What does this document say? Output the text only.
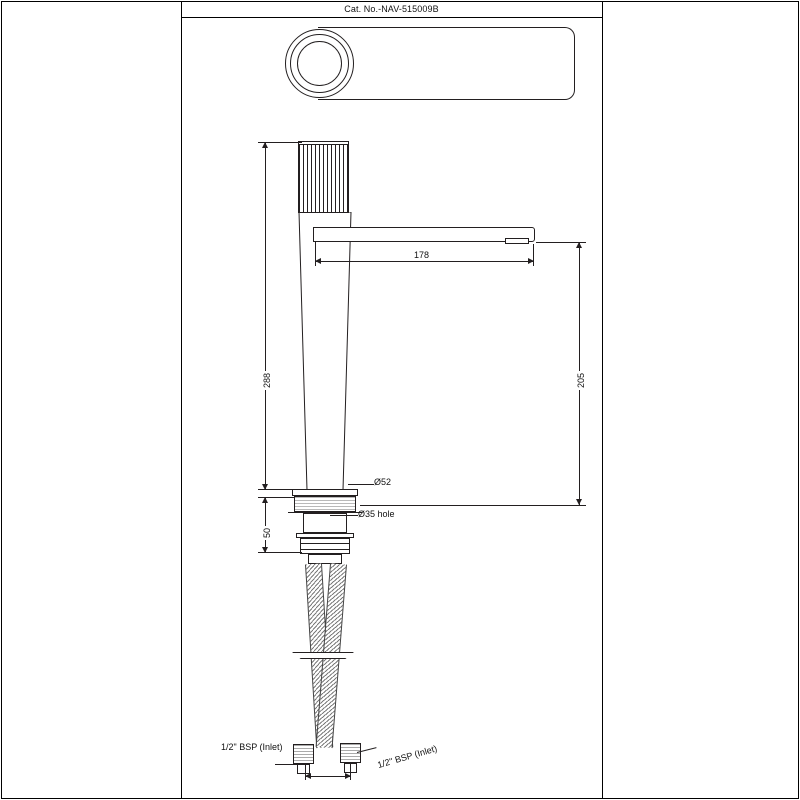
Cat. No.-NAV-515009B
178
288	205
50
Ø52
Ø35 hole
1/2" BSP (Inlet)	1/2" BSP (Inlet)
